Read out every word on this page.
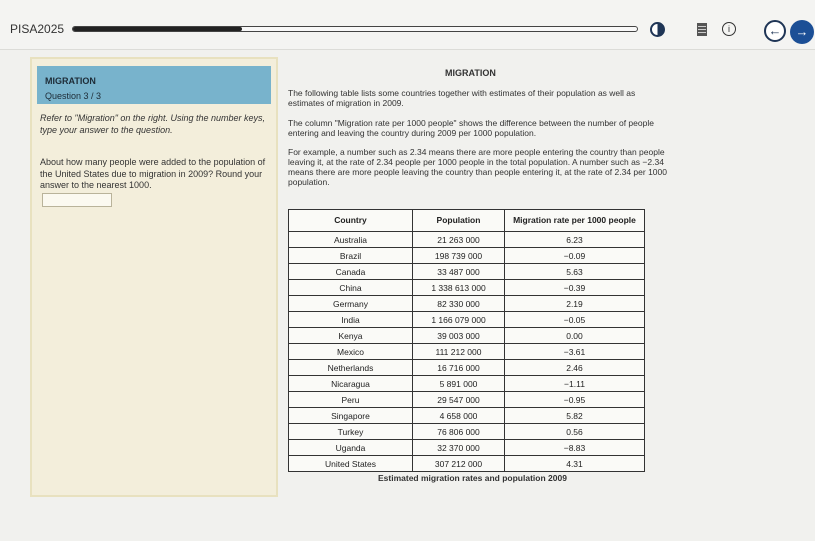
PISA2025	i	←	→
MIGRATION
Question 3 / 3
Refer to "Migration" on the right. Using the number keys, type your answer to the question.
About how many people were added to the population of the United States due to migration in 2009? Round your answer to the nearest 1000.
MIGRATION
The following table lists some countries together with estimates of their population as well as estimates of migration in 2009.
The column "Migration rate per 1000 people" shows the difference between the number of people entering and leaving the country during 2009 per 1000 population.
For example, a number such as 2.34 means there are more people entering the country than people leaving it, at the rate of 2.34 people per 1000 people in the total population. A number such as −2.34 means there are more people leaving the country than people entering it, at the rate of 2.34 per 1000 population.
Country	Population	Migration rate per 1000 people
Australia	21 263 000	6.23
Brazil	198 739 000	−0.09
Canada	33 487 000	5.63
China	1 338 613 000	−0.39
Germany	82 330 000	2.19
India	1 166 079 000	−0.05
Kenya	39 003 000	0.00
Mexico	111 212 000	−3.61
Netherlands	16 716 000	2.46
Nicaragua	5 891 000	−1.11
Peru	29 547 000	−0.95
Singapore	4 658 000	5.82
Turkey	76 806 000	0.56
Uganda	32 370 000	−8.83
United States	307 212 000	4.31
Estimated migration rates and population 2009
